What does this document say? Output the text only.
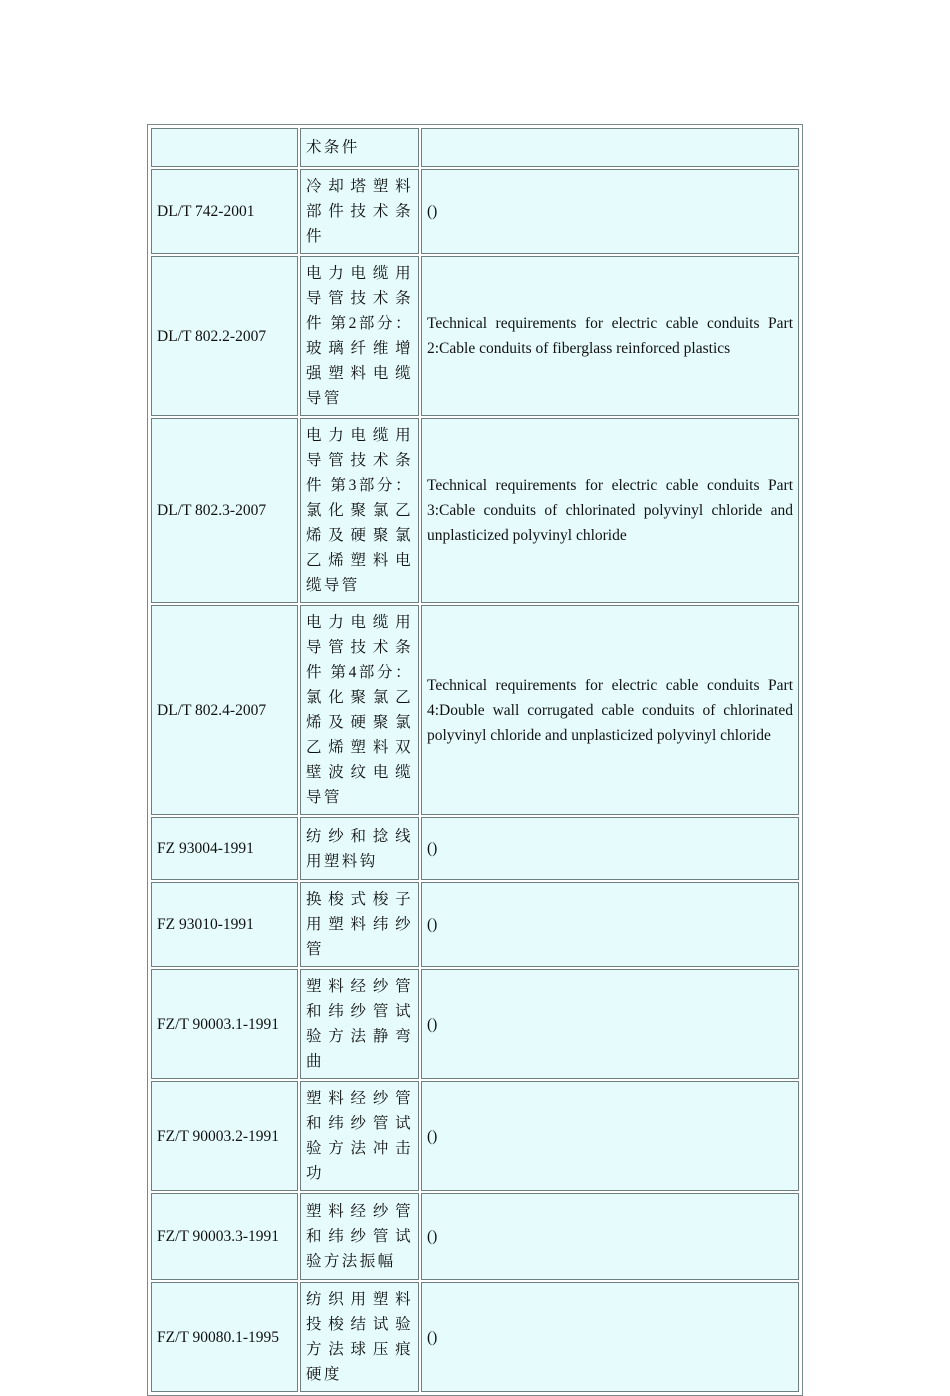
	术条件	
DL/T 742-2001	冷却塔塑料部件技术条件	()
DL/T 802.2-2007	电力电缆用导管技术条件 第2部分：玻璃纤维增强塑料电缆导管	Technical requirements for electric cable conduits Part 2:Cable conduits of fiberglass reinforced plastics
DL/T 802.3-2007	电力电缆用导管技术条件 第3部分：氯化聚氯乙烯及硬聚氯乙烯塑料电缆导管	Technical requirements for electric cable conduits Part 3:Cable conduits of chlorinated polyvinyl chloride and unplasticized polyvinyl chloride
DL/T 802.4-2007	电力电缆用导管技术条件 第4部分：氯化聚氯乙烯及硬聚氯乙烯塑料双壁波纹电缆导管	Technical requirements for electric cable conduits Part 4:Double wall corrugated cable conduits of chlorinated polyvinyl chloride and unplasticized polyvinyl chloride
FZ 93004-1991	纺纱和捻线用塑料钩	()
FZ 93010-1991	换梭式梭子用塑料纬纱管	()
FZ/T 90003.1-1991	塑料经纱管和纬纱管试验方法静弯曲	()
FZ/T 90003.2-1991	塑料经纱管和纬纱管试验方法冲击功	()
FZ/T 90003.3-1991	塑料经纱管和纬纱管试验方法振幅	()
FZ/T 90080.1-1995	纺织用塑料投梭结试验方法球压痕硬度	()
